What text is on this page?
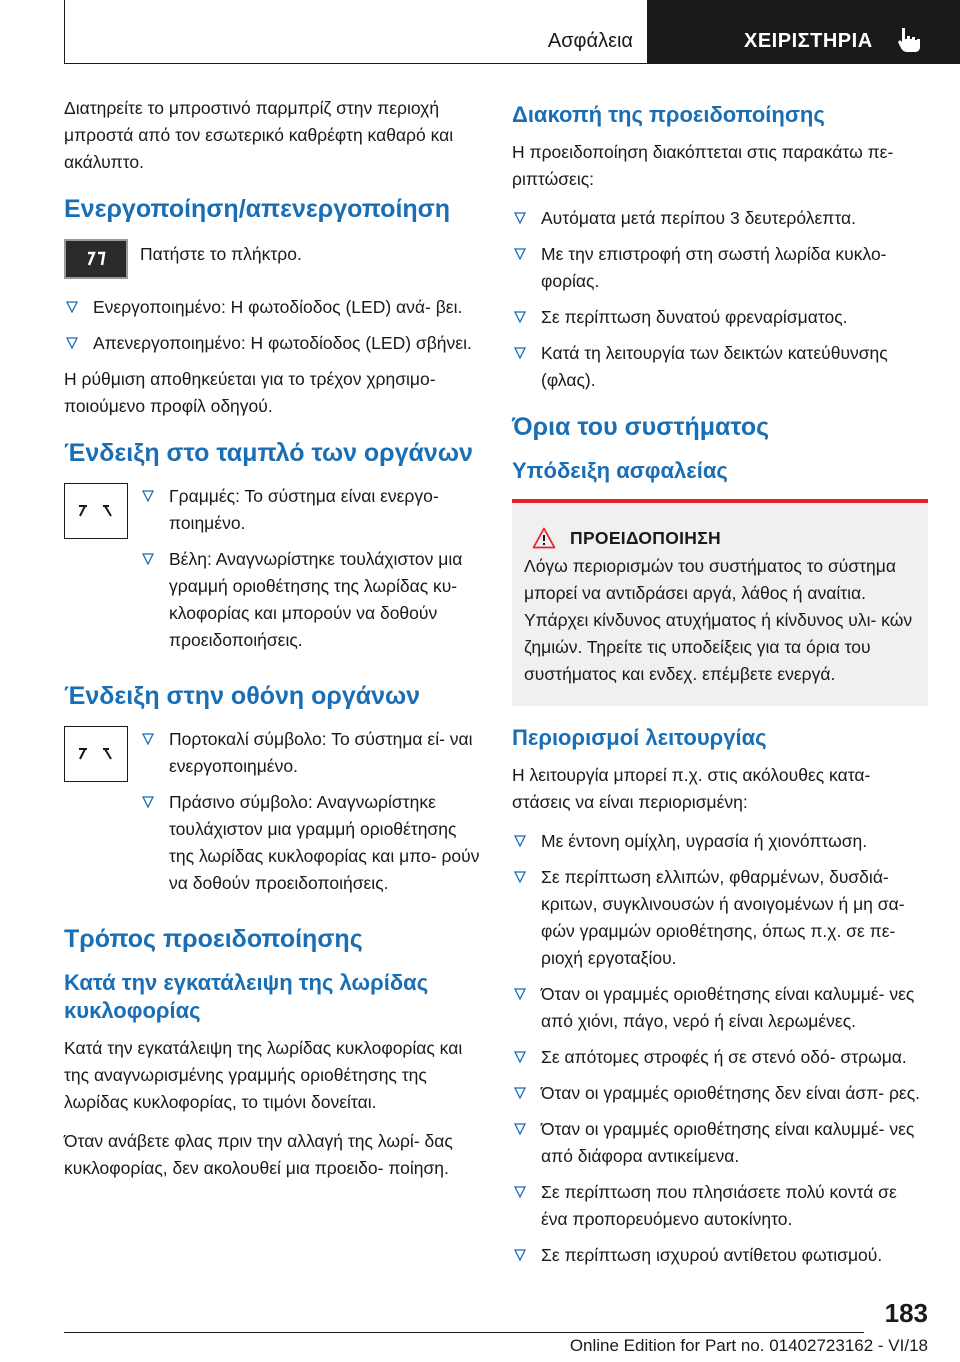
Ασφάλεια	ΧΕΙΡΙΣΤΗΡΙΑ

Διατηρείτε το μπροστινό παρμπρίζ στην περιοχή μπροστά από τον εσωτερικό καθρέφτη καθαρό και ακάλυπτο.

Ενεργοποίηση/απενεργοποίηση

Πατήστε το πλήκτρο.

Ενεργοποιημένο: Η φωτοδίοδος (LED) ανά- βει.
Απενεργοποιημένο: Η φωτοδίοδος (LED) σβήνει.

Η ρύθμιση αποθηκεύεται για το τρέχον χρησιμο- ποιούμενο προφίλ οδηγού.

Ένδειξη στο ταμπλό των οργάνων
Γραμμές: Το σύστημα είναι ενεργο- ποιημένο.
Βέλη: Αναγνωρίστηκε τουλάχιστον μια γραμμή οριοθέτησης της λωρίδας κυ- κλοφορίας και μπορούν να δοθούν προειδοποιήσεις.
Ένδειξη στην οθόνη οργάνων
Πορτοκαλί σύμβολο: Το σύστημα εί- ναι ενεργοποιημένο.
Πράσινο σύμβολο: Αναγνωρίστηκε τουλάχιστον μια γραμμή οριοθέτησης της λωρίδας κυκλοφορίας και μπο- ρούν να δοθούν προειδοποιήσεις.
Τρόπος προειδοποίησης
Κατά την εγκατάλειψη της λωρίδας κυκλοφορίας

Κατά την εγκατάλειψη της λωρίδας κυκλοφορίας και της αναγνωρισμένης γραμμής οριοθέτησης της λωρίδας κυκλοφορίας, το τιμόνι δονείται.

Όταν ανάβετε φλας πριν την αλλαγή της λωρί- δας κυκλοφορίας, δεν ακολουθεί μια προειδο- ποίηση.

Διακοπή της προειδοποίησης

Η προειδοποίηση διακόπτεται στις παρακάτω πε- ριπτώσεις:

Αυτόματα μετά περίπου 3 δευτερόλεπτα.
Με την επιστροφή στη σωστή λωρίδα κυκλο- φορίας.
Σε περίπτωση δυνατού φρεναρίσματος.
Κατά τη λειτουργία των δεικτών κατεύθυνσης (φλας).
Όρια του συστήματος
Υπόδειξη ασφαλείας
ΠΡΟΕΙΔΟΠΟΙΗΣΗ

Λόγω περιορισμών του συστήματος το σύστημα μπορεί να αντιδράσει αργά, λάθος ή αναίτια. Υπάρχει κίνδυνος ατυχήματος ή κίνδυνος υλι- κών ζημιών. Τηρείτε τις υποδείξεις για τα όρια του συστήματος και ενδεχ. επέμβετε ενεργά.

Περιορισμοί λειτουργίας

Η λειτουργία μπορεί π.χ. στις ακόλουθες κατα- στάσεις να είναι περιορισμένη:

Με έντονη ομίχλη, υγρασία ή χιονόπτωση.
Σε περίπτωση ελλιπών, φθαρμένων, δυσδιά- κριτων, συγκλινουσών ή ανοιγομένων ή μη σα- φών γραμμών οριοθέτησης, όπως π.χ. σε πε- ριοχή εργοταξίου.
Όταν οι γραμμές οριοθέτησης είναι καλυμμέ- νες από χιόνι, πάγο, νερό ή είναι λερωμένες.
Σε απότομες στροφές ή σε στενό οδό- στρωμα.
Όταν οι γραμμές οριοθέτησης δεν είναι άσπ- ρες.
Όταν οι γραμμές οριοθέτησης είναι καλυμμέ- νες από διάφορα αντικείμενα.
Σε περίπτωση που πλησιάσετε πολύ κοντά σε ένα προπορευόμενο αυτοκίνητο.
Σε περίπτωση ισχυρού αντίθετου φωτισμού.
183
Online Edition for Part no. 01402723162 - VI/18
